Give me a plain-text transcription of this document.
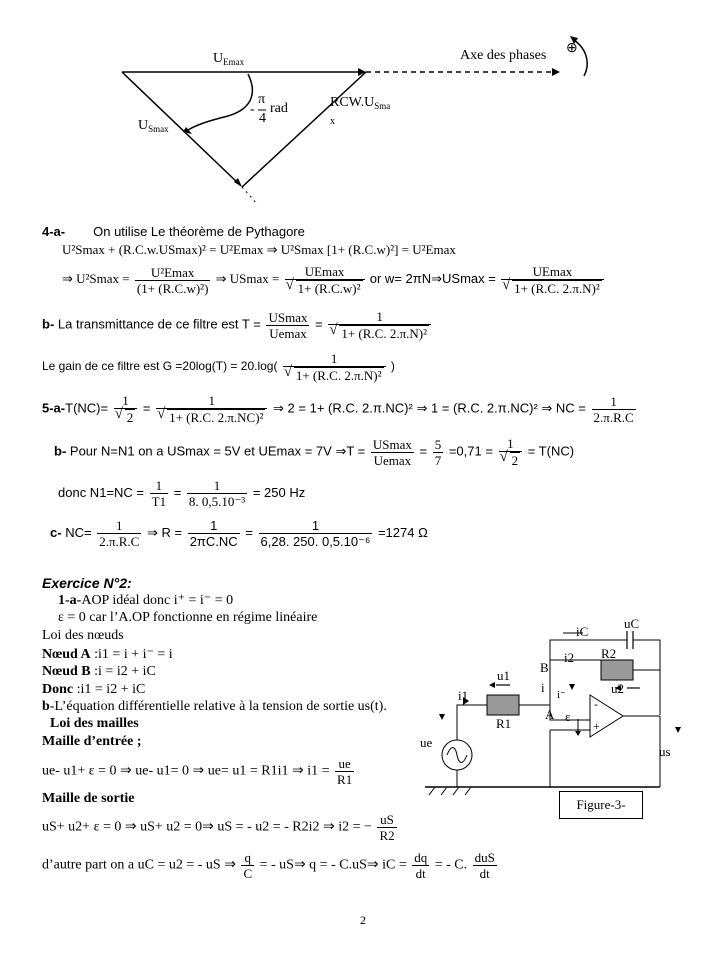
$U_{Emax}$	Axe des phases ⊕
$U_{Smax}$
-
π
4
rad	$RCW.U_{Sma}$
x
4-a- On utilise Le théorème de Pythagore
U²Smax + (R.C.w.USmax)² = U²Emax ⇒ U²Smax [1+ (R.C.w)²] = U²Emax
⇒ $U^2Smax = \frac{\text{U²Emax}}{\text{(1+ (R.C.w)²)}}$ ⇒ USmax = UEmax
√ 1+ (R.C.w)² or w= 2πN⇒USmax = UEmax
√ 1+ (R.C. 2.π.N)²
b- La transmittance de ce filtre est $T = \frac{USmax}{Uemax} = 1$
√ 1+ (R.C. 2.π.N)²
Le gain de ce filtre est G =20log(T) = 20.log( 1
√ 1+ (R.C. 2.π.N)² )
5-a-T(NC)= 1
√ 2 = 1
√ 1+ (R.C. 2.π.NC)² ⇒ 2 = 1+ (R.C. 2.π.NC)² ⇒ 1 = (R.C. 2.π.NC)² ⇒ NC = $\frac{1}{2.\pi.R.C}$
b- Pour N=N1 on a USmax = 5V et UEmax = 7V ⇒T = $\frac{USmax}{Uemax} = \frac{5}{7} =0,71 = 1$
√ 2 = T(NC)
donc $N1=NC = \frac{1}{T1} = \frac{1}{\text{8. 0,5.10⁻³}} = 250$ Hz
c- $NC= \frac{1}{2.\pi.R.C}$ ⇒ $R = \frac{1}{2\pi C.NC} = \frac{1}{\text{6,28. 250. 0,5.10⁻⁶}} =1274$ Ω
Exercice N°2:
1-a-AOP idéal donc i⁺ = i⁻ = 0
ε = 0 car l’A.OP fonctionne en régime linéaire
Loi des nœuds
Nœud A :i1 = i + i⁻ = i
Nœud B :i = i2 + iC
Donc :i1 = i2 + iC
b-L’équation différentielle relative à la tension de sortie us(t).
Loi des mailles
Maille d’entrée ;
ue- u1+ ε = 0 ⇒ ue- u1= 0 ⇒ ue= u1 = R1i1 ⇒ $i1 = \frac{ue}{R1}$
Maille de sortie
uS+ u2+ ε = 0 ⇒ uS+ u2 = 0⇒ uS = - u2 = - R2i2 ⇒ i2 = − $\frac{uS}{R2}$
d’autre part on a uC = u2 = - uS ⇒ $\frac{q}{C}$ = - uS⇒ q = - C.uS⇒ iC = $\frac{dq}{dt}$ = - C. $\frac{\text{duS}}{dt}$
iC
uC
i2 R2
B
u1
i i⁻	u2
i1
A ε
-
+
R1
ue
us
Figure-3-
2
